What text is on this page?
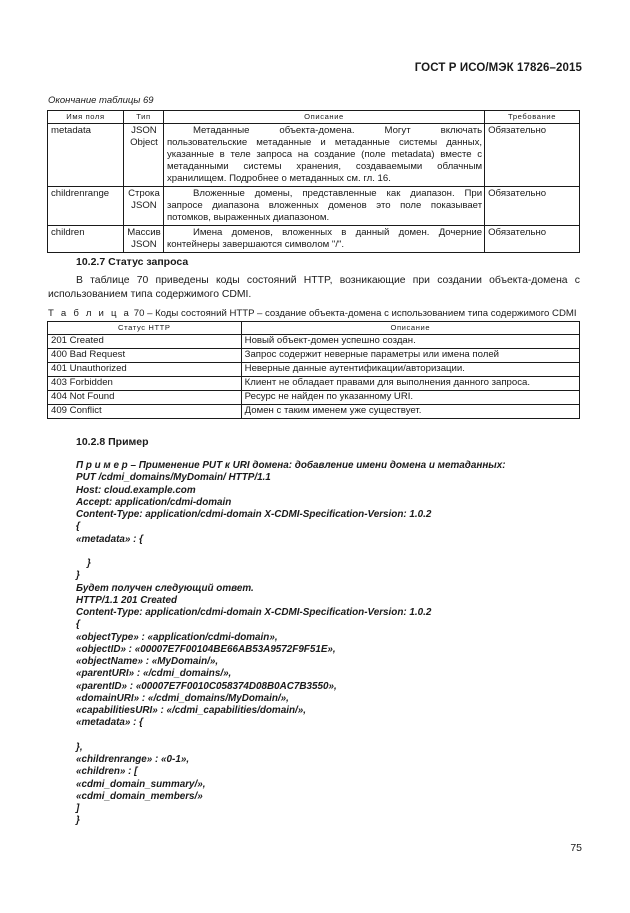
ГОСТ Р ИСО/МЭК 17826–2015
Окончание таблицы 69
Имя поля	Тип	Описание	Требование
metadata	JSON Object	Метаданные объекта-домена. Могут включать пользовательские метаданные и метаданные системы данных, указанные в теле запроса на создание (поле metadata) вместе с метаданными системы хранения, создаваемыми облачным хранилищем. Подробнее о метаданных см. гл. 16.	Обязательно
childrenrange	Строка JSON	Вложенные домены, представленные как диапазон. При запросе диапазона вложенных доменов это поле показывает потомков, выраженных диапазоном.	Обязательно
children	Массив JSON	Имена доменов, вложенных в данный домен. Дочерние контейнеры завершаются символом "/".	Обязательно
10.2.7 Статус запроса
В таблице 70 приведены коды состояний HTTP, возникающие при создании объекта-домена с использованием типа содержимого CDMI.
Т а б л и ц а 70 – Коды состояний HTTP – создание объекта-домена с использованием типа содержимого CDMI
Статус HTTP	Описание
201 Created	Новый объект-домен успешно создан.
400 Bad Request	Запрос содержит неверные параметры или имена полей
401 Unauthorized	Неверные данные аутентификации/авторизации.
403 Forbidden	Клиент не обладает правами для выполнения данного запроса.
404 Not Found	Ресурс не найден по указанному URI.
409 Conflict	Домен с таким именем уже существует.
10.2.8 Пример
П р и м е р – Применение PUT к URI домена: добавление имени домена и метаданных:
PUT /cdmi_domains/MyDomain/ HTTP/1.1
Host: cloud.example.com
Accept: application/cdmi-domain
Content-Type: application/cdmi-domain X-CDMI-Specification-Version: 1.0.2
{
«metadata» : {
}
}
Будет получен следующий ответ.
HTTP/1.1 201 Created
Content-Type: application/cdmi-domain X-CDMI-Specification-Version: 1.0.2
{
«objectType» : «application/cdmi-domain»,
«objectID» : «00007E7F00104BE66AB53A9572F9F51E»,
«objectName» : «MyDomain/»,
«parentURI» : «/cdmi_domains/»,
«parentID» : «00007E7F0010C058374D08B0AC7B3550»,
«domainURI» : «/cdmi_domains/MyDomain/»,
«capabilitiesURI» : «/cdmi_capabilities/domain/»,
«metadata» : {
},
«childrenrange» : «0-1»,
«children» : [
«cdmi_domain_summary/»,
«cdmi_domain_members/»
]
}
75
